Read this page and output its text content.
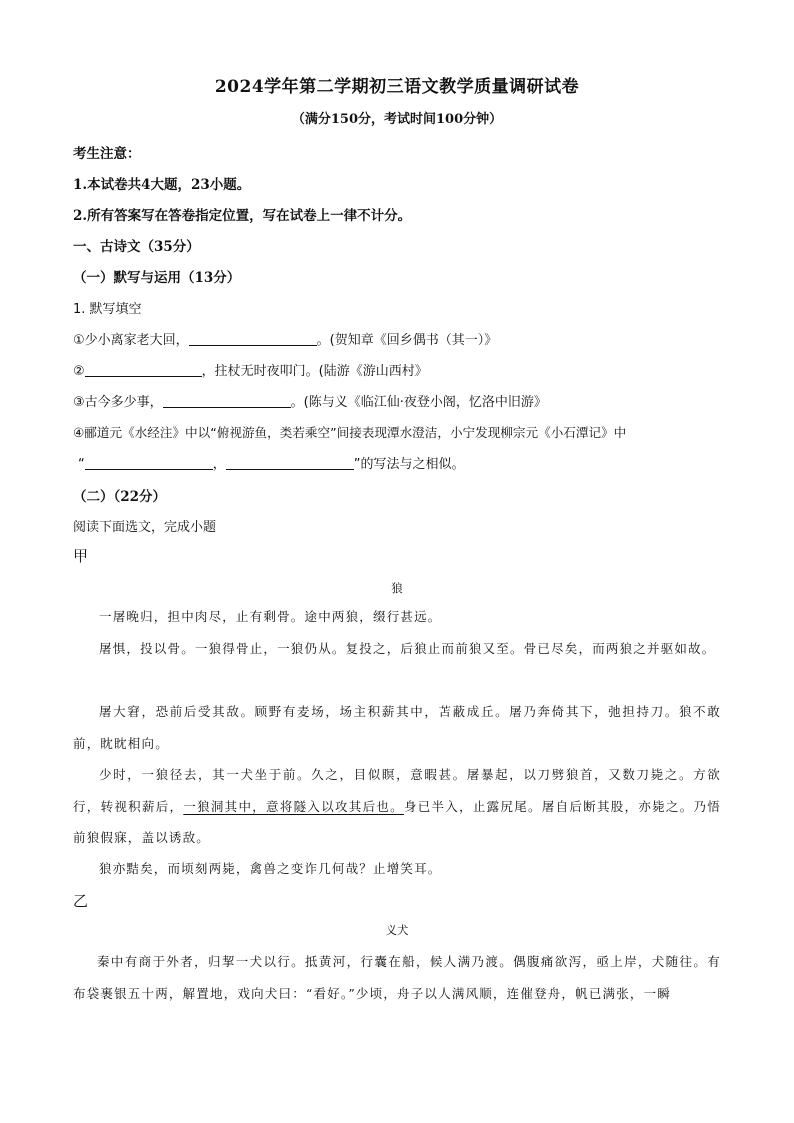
2024学年第二学期初三语文教学质量调研试卷
（满分150分，考试时间100分钟）
考生注意：
1.本试卷共4大题，23小题。
2.所有答案写在答卷指定位置，写在试卷上一律不计分。
一、古诗文（35分）
（一）默写与运用（13分）
1. 默写填空
①少小离家老大回，	。(贺知章《回乡偶书（其一）》
②	，拄杖无时夜叩门。(陆游《游山西村》
③古今多少事，	。(陈与义《临江仙·夜登小阁，忆洛中旧游》
④郦道元《水经注》中以“俯视游鱼，类若乘空”间接表现潭水澄洁，小宁发现柳宗元《小石潭记》中
“	，	”的写法与之相似。
（二）（22分）
阅读下面选文，完成小题
甲
狼
一屠晚归，担中肉尽，止有剩骨。途中两狼，缀行甚远。
屠惧，投以骨。一狼得骨止，一狼仍从。复投之，后狼止而前狼又至。骨已尽矣，而两狼之并驱如故。
屠大窘，恐前后受其敌。顾野有麦场，场主积薪其中，苫蔽成丘。屠乃奔倚其下，弛担持刀。狼不敢前，眈眈相向。
少时，一狼径去，其一犬坐于前。久之，目似瞑，意暇甚。屠暴起，以刀劈狼首，又数刀毙之。方欲行，转视积薪后，一狼洞其中，意将隧入以攻其后也。身已半入，止露尻尾。屠自后断其股，亦毙之。乃悟前狼假寐，盖以诱敌。
狼亦黠矣，而顷刻两毙，禽兽之变诈几何哉？止增笑耳。
乙
义犬
秦中有商于外者，归挈一犬以行。抵黄河，行囊在船，候人满乃渡。偶腹痛欲泻，亟上岸，犬随往。有布袋裹银五十两，解置地，戏向犬曰：“看好。”少顷，舟子以人满风顺，连催登舟，帆已满张，一瞬
